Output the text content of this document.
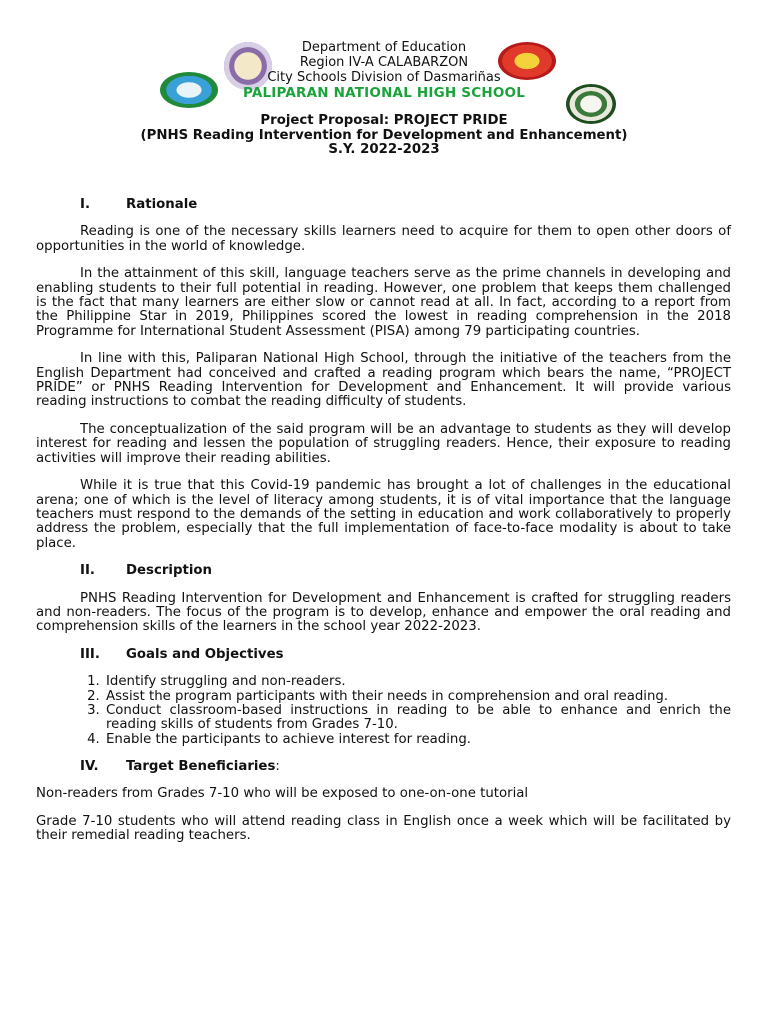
Department of Education
Region IV-A CALABARZON
City Schools Division of Dasmariñas
PALIPARAN NATIONAL HIGH SCHOOL
Project Proposal: PROJECT PRIDE
(PNHS Reading Intervention for Development and Enhancement)
S.Y. 2022-2023
I.	Rationale

Reading is one of the necessary skills learners need to acquire for them to open other doors of opportunities in the world of knowledge.

In the attainment of this skill, language teachers serve as the prime channels in developing and enabling students to their full potential in reading. However, one problem that keeps them challenged is the fact that many learners are either slow or cannot read at all. In fact, according to a report from the Philippine Star in 2019, Philippines scored the lowest in reading comprehension in the 2018 Programme for International Student Assessment (PISA) among 79 participating countries.

In line with this, Paliparan National High School, through the initiative of the teachers from the English Department had conceived and crafted a reading program which bears the name, “PROJECT PRIDE” or PNHS Reading Intervention for Development and Enhancement. It will provide various reading instructions to combat the reading difficulty of students.

The conceptualization of the said program will be an advantage to students as they will develop interest for reading and lessen the population of struggling readers. Hence, their exposure to reading activities will improve their reading abilities.

While it is true that this Covid-19 pandemic has brought a lot of challenges in the educational arena; one of which is the level of literacy among students, it is of vital importance that the language teachers must respond to the demands of the setting in education and work collaboratively to properly address the problem, especially that the full implementation of face-to-face modality is about to take place.

II. Description

PNHS Reading Intervention for Development and Enhancement is crafted for struggling readers and non-readers. The focus of the program is to develop, enhance and empower the oral reading and comprehension skills of the learners in the school year 2022-2023.

III. Goals and Objectives
1. Identify struggling and non-readers.
2. Assist the program participants with their needs in comprehension and oral reading.
3. Conduct classroom-based instructions in reading to be able to enhance and enrich the reading skills of students from Grades 7-10.
4. Enable the participants to achieve interest for reading.
IV. Target Beneficiaries:

Non-readers from Grades 7-10 who will be exposed to one-on-one tutorial

Grade 7-10 students who will attend reading class in English once a week which will be facilitated by their remedial reading teachers.
